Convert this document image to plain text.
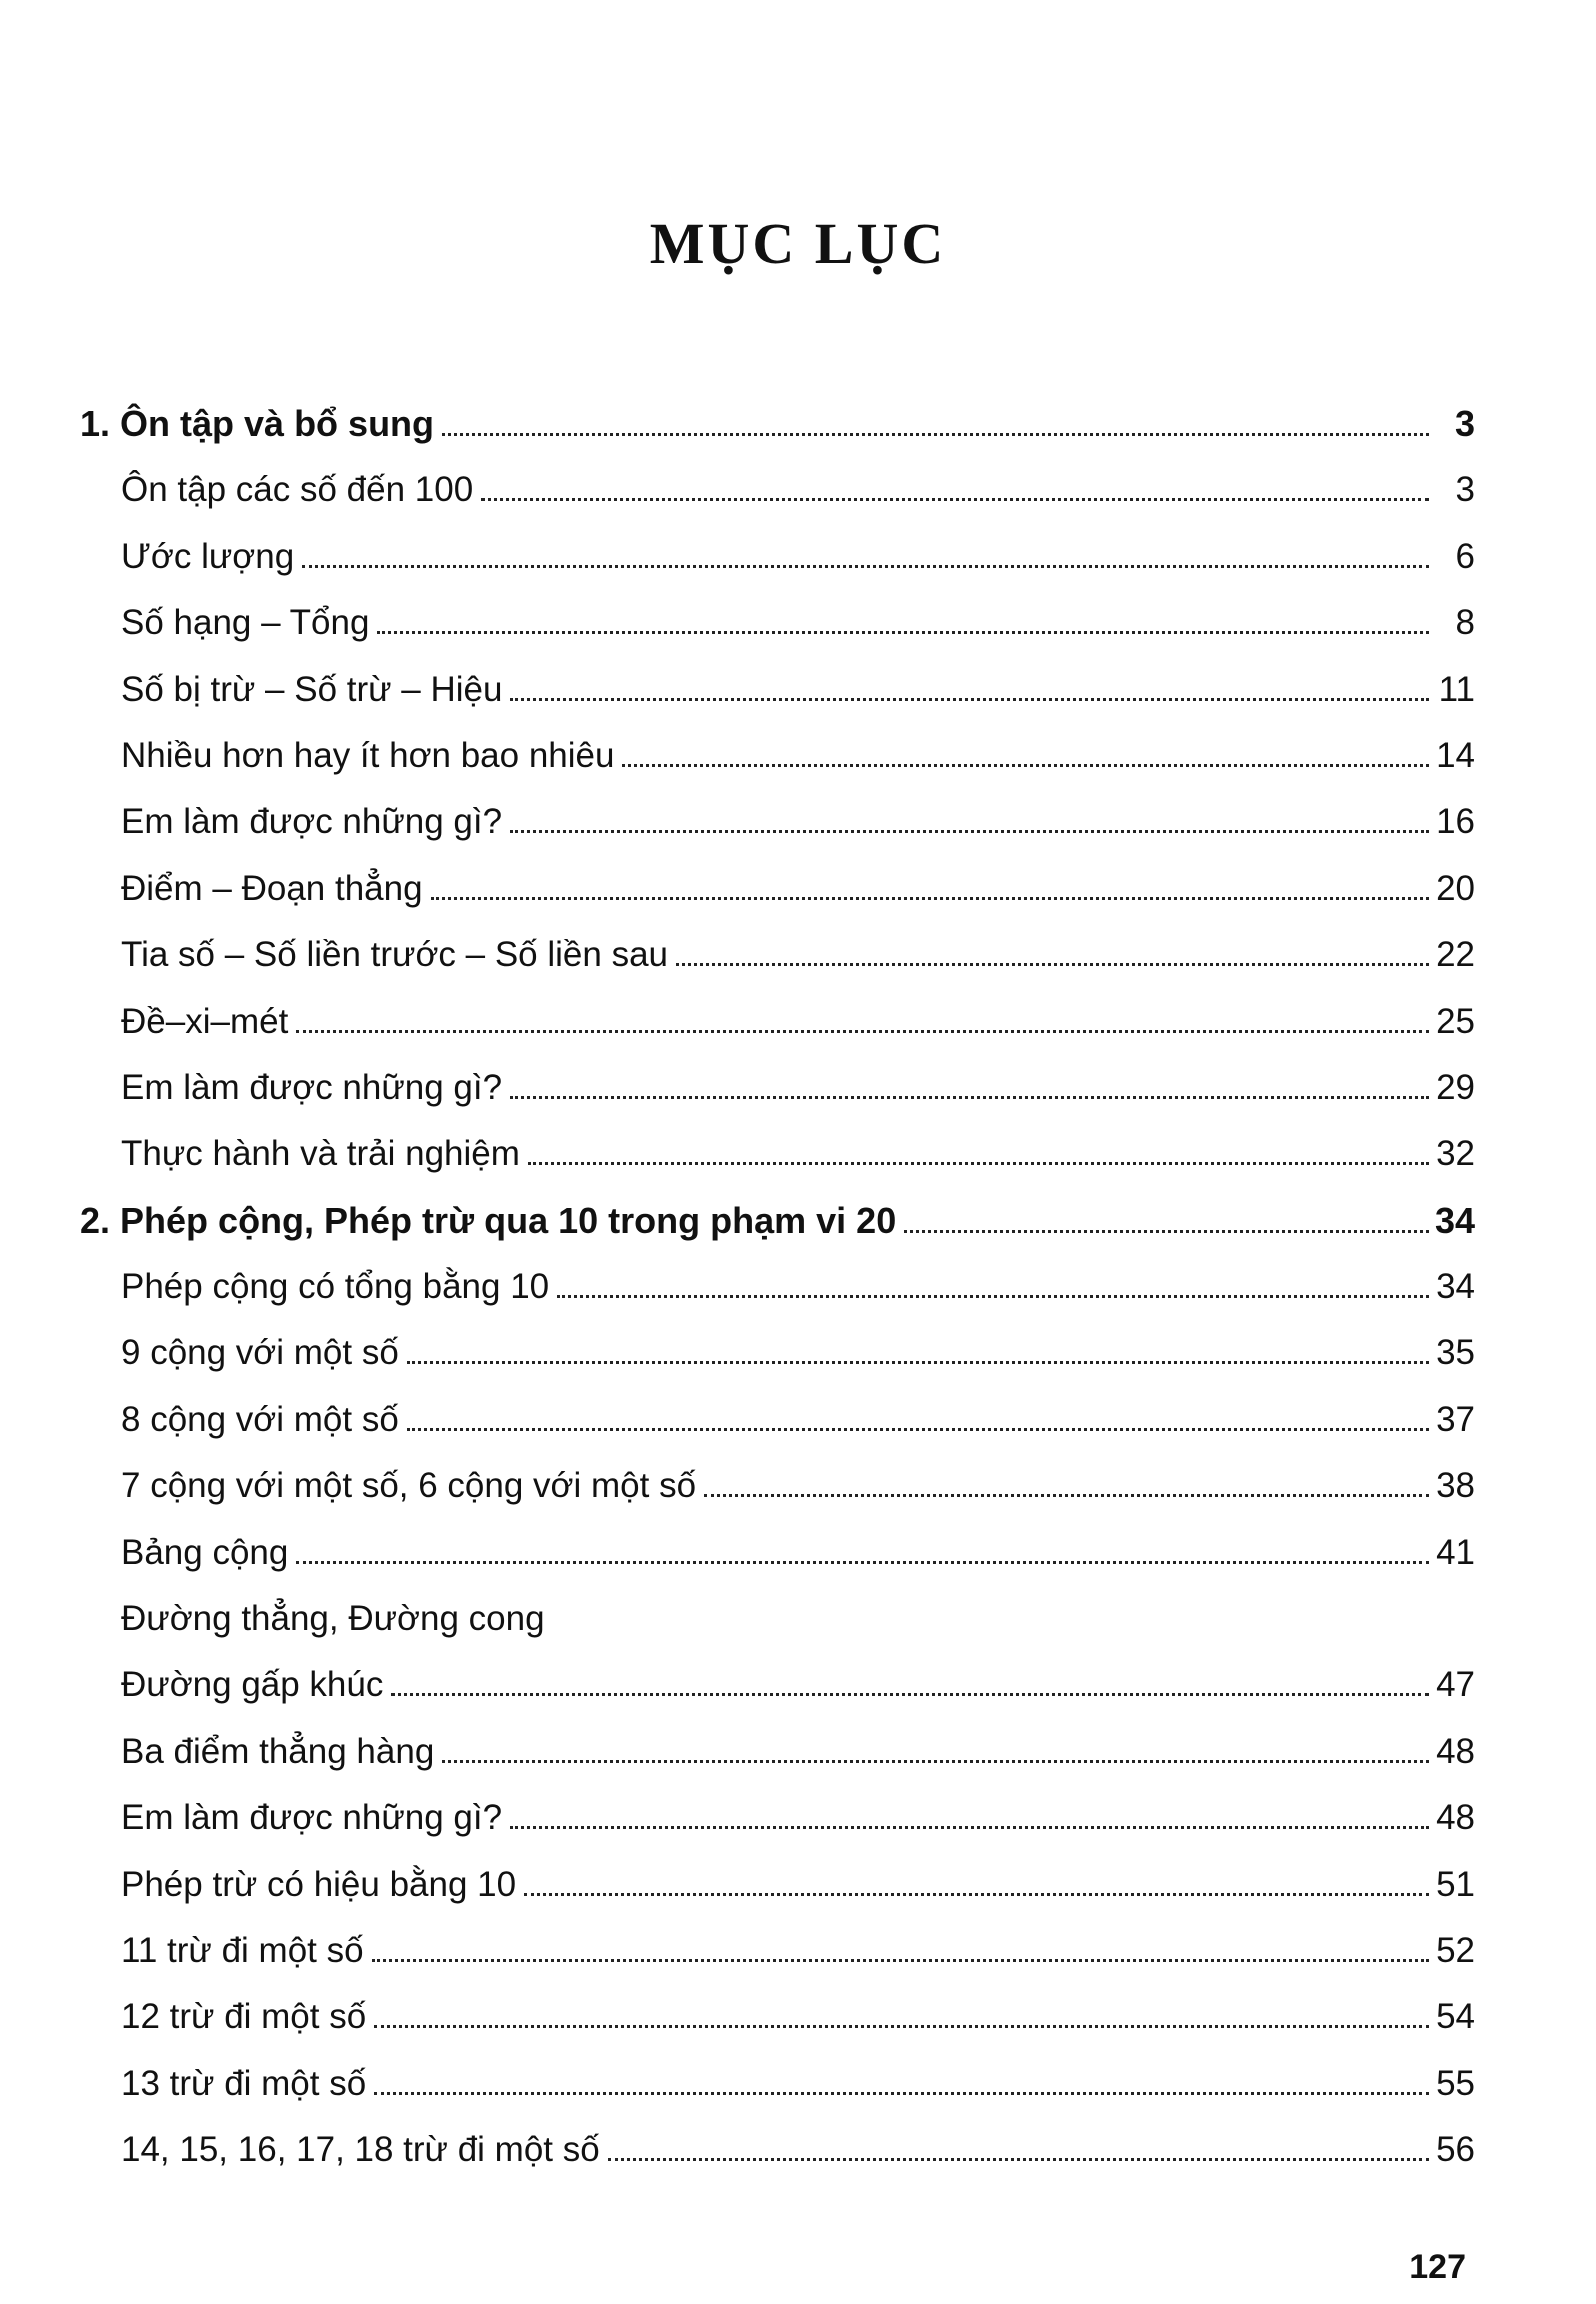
MỤC LỤC
1. Ôn tập và bổ sung	3
Ôn tập các số đến 100	3
Ước lượng	6
Số hạng – Tổng	8
Số bị trừ – Số trừ – Hiệu	11
Nhiều hơn hay ít hơn bao nhiêu	14
Em làm được những gì?	16
Điểm – Đoạn thẳng	20
Tia số – Số liền trước – Số liền sau	22
Đề–xi–mét	25
Em làm được những gì?	29
Thực hành và trải nghiệm	32
2. Phép cộng, Phép trừ qua 10 trong phạm vi 20	34
Phép cộng có tổng bằng 10	34
9 cộng với một số	35
8 cộng với một số	37
7 cộng với một số, 6 cộng với một số	38
Bảng cộng	41
Đường thẳng, Đường cong
Đường gấp khúc	47
Ba điểm thẳng hàng	48
Em làm được những gì?	48
Phép trừ có hiệu bằng 10	51
11 trừ đi một số	52
12 trừ đi một số	54
13 trừ đi một số	55
14, 15, 16, 17, 18 trừ đi một số	56
127
